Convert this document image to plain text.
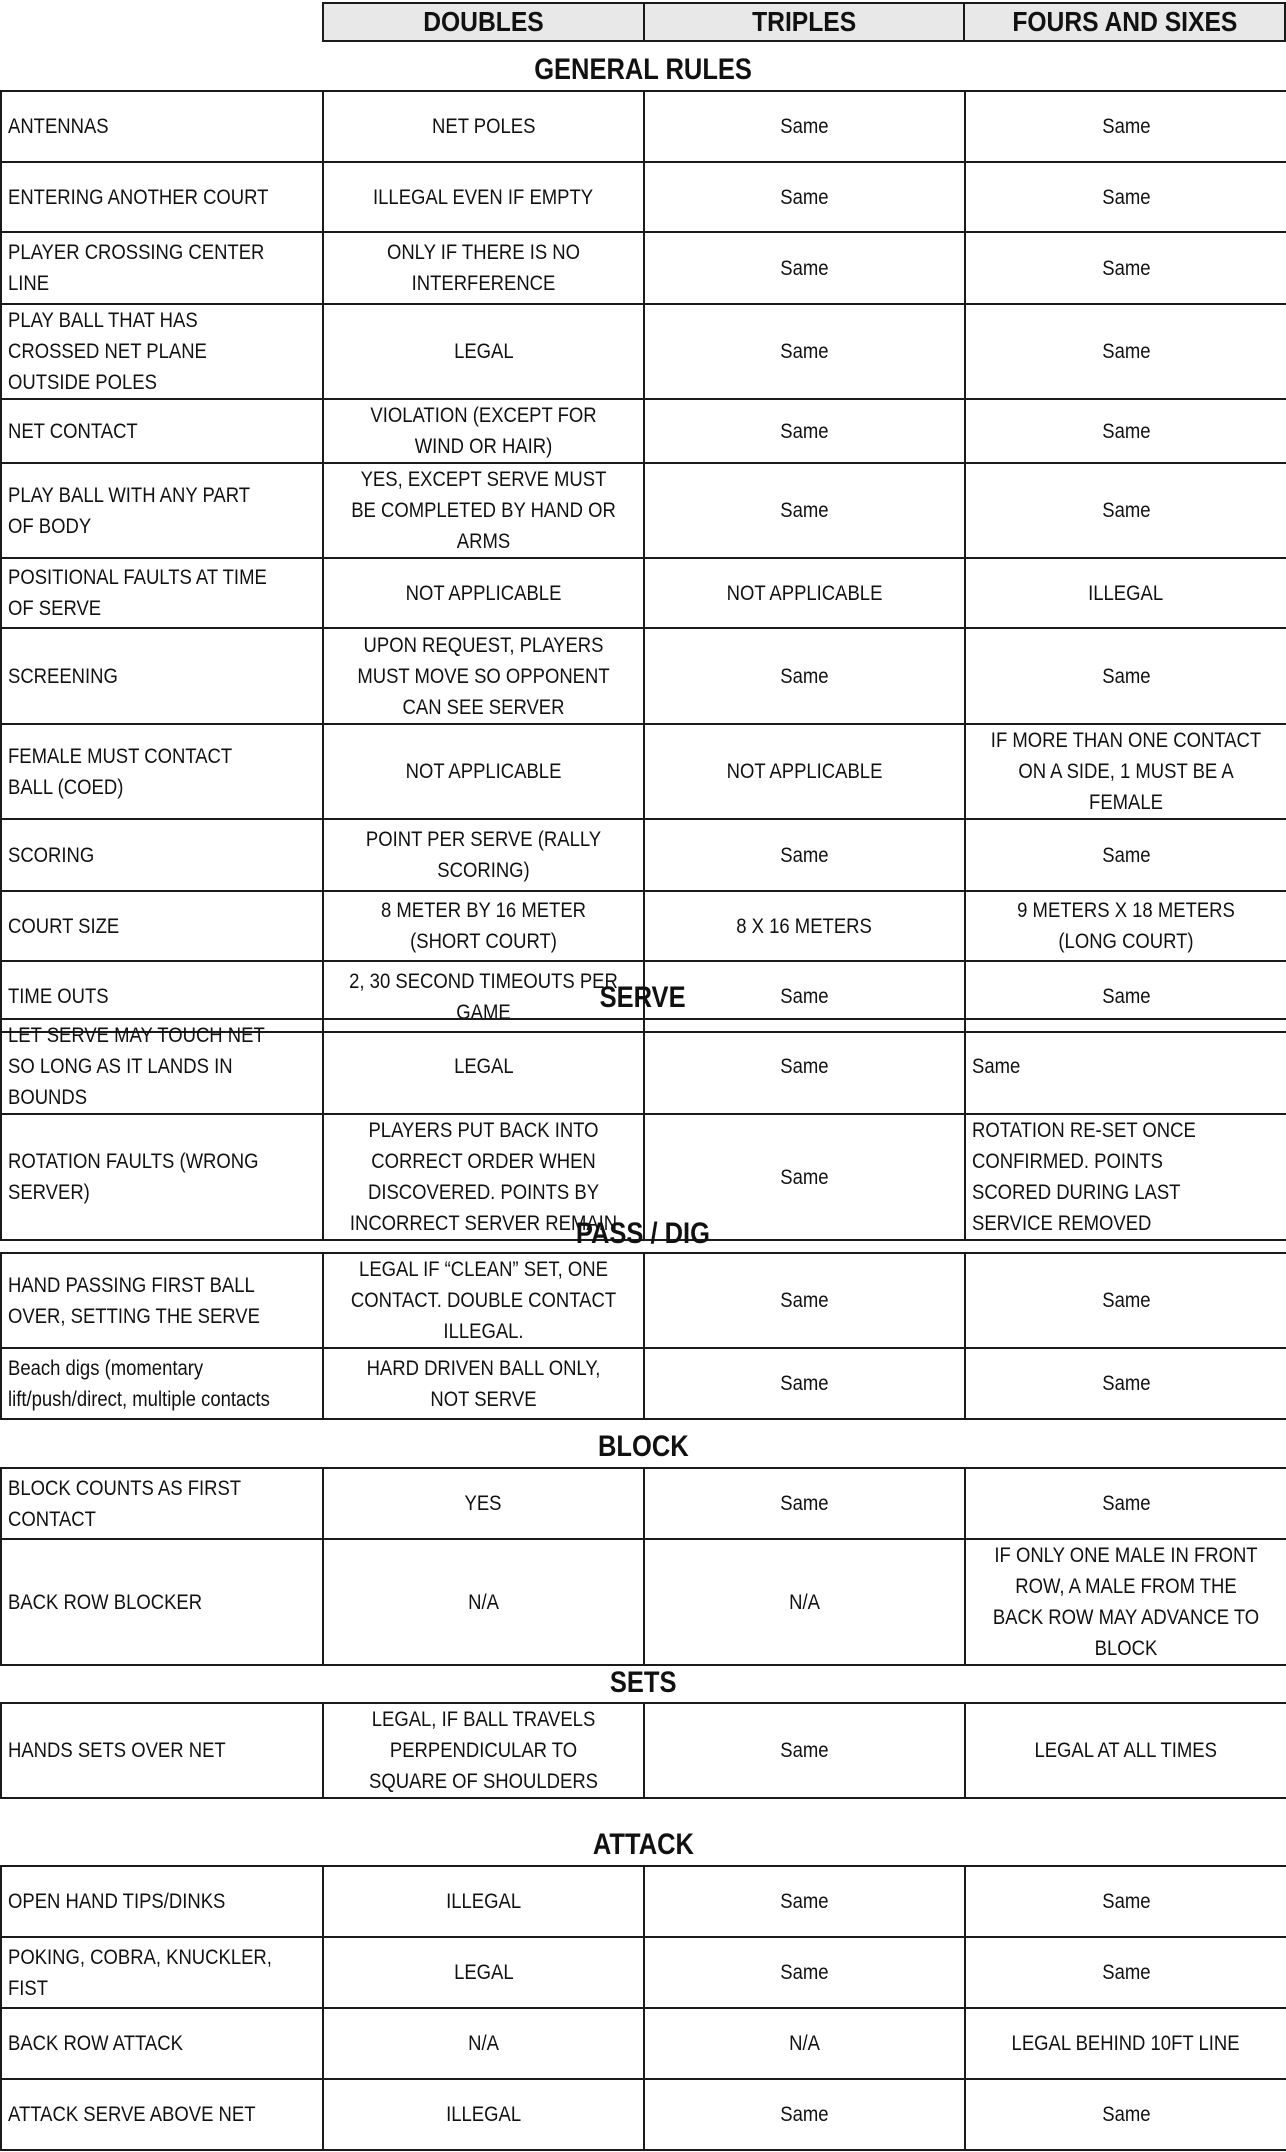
DOUBLES	TRIPLES	FOURS AND SIXES
GENERAL RULES
ANTENNAS	NET POLES	Same	Same
ENTERING ANOTHER COURT	ILLEGAL EVEN IF EMPTY	Same	Same
PLAYER CROSSING CENTER LINE	ONLY IF THERE IS NO INTERFERENCE	Same	Same
PLAY BALL THAT HAS CROSSED NET PLANE OUTSIDE POLES	LEGAL	Same	Same
NET CONTACT	VIOLATION (EXCEPT FOR WIND OR HAIR)	Same	Same
PLAY BALL WITH ANY PART OF BODY	YES, EXCEPT SERVE MUST BE COMPLETED BY HAND OR ARMS	Same	Same
POSITIONAL FAULTS AT TIME OF SERVE	NOT APPLICABLE	NOT APPLICABLE	ILLEGAL
SCREENING	UPON REQUEST, PLAYERS MUST MOVE SO OPPONENT CAN SEE SERVER	Same	Same
FEMALE MUST CONTACT BALL (COED)	NOT APPLICABLE	NOT APPLICABLE	IF MORE THAN ONE CONTACT ON A SIDE, 1 MUST BE A FEMALE
SCORING	POINT PER SERVE (RALLY SCORING)	Same	Same
COURT SIZE	8 METER BY 16 METER (SHORT COURT)	8 X 16 METERS	9 METERS X 18 METERS (LONG COURT)
TIME OUTS	2, 30 SECOND TIMEOUTS PER GAME	Same	Same
SERVE
LET SERVE MAY TOUCH NET SO LONG AS IT LANDS IN BOUNDS	LEGAL	Same	Same
ROTATION FAULTS (WRONG SERVER)	PLAYERS PUT BACK INTO CORRECT ORDER WHEN DISCOVERED. POINTS BY INCORRECT SERVER REMAIN	Same	ROTATION RE-SET ONCE CONFIRMED. POINTS SCORED DURING LAST SERVICE REMOVED
PASS / DIG
HAND PASSING FIRST BALL OVER, SETTING THE SERVE	LEGAL IF “CLEAN” SET, ONE CONTACT. DOUBLE CONTACT ILLEGAL.	Same	Same
Beach digs (momentary lift/push/direct, multiple contacts	HARD DRIVEN BALL ONLY, NOT SERVE	Same	Same
BLOCK
BLOCK COUNTS AS FIRST CONTACT	YES	Same	Same
BACK ROW BLOCKER	N/A	N/A	IF ONLY ONE MALE IN FRONT ROW, A MALE FROM THE BACK ROW MAY ADVANCE TO BLOCK
SETS
HANDS SETS OVER NET	LEGAL, IF BALL TRAVELS PERPENDICULAR TO SQUARE OF SHOULDERS	Same	LEGAL AT ALL TIMES
ATTACK
OPEN HAND TIPS/DINKS	ILLEGAL	Same	Same
POKING, COBRA, KNUCKLER, FIST	LEGAL	Same	Same
BACK ROW ATTACK	N/A	N/A	LEGAL BEHIND 10FT LINE
ATTACK SERVE ABOVE NET	ILLEGAL	Same	Same
